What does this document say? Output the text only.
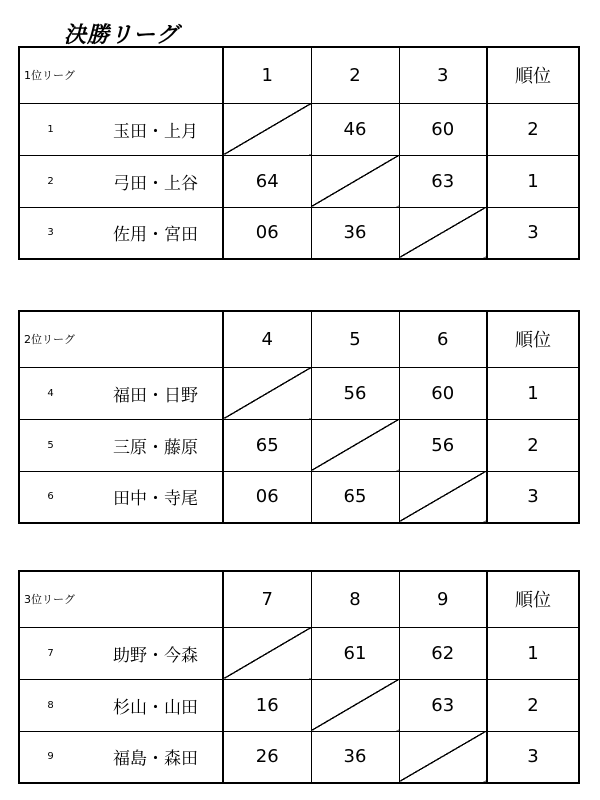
決勝リーグ
1位リーグ		1	2	3	順位
1	玉田・上月		46	60	2
2	弓田・上谷	64		63	1
3	佐用・宮田	06	36		3
2位リーグ		4	5	6	順位
4	福田・日野		56	60	1
5	三原・藤原	65		56	2
6	田中・寺尾	06	65		3
3位リーグ		7	8	9	順位
7	助野・今森		61	62	1
8	杉山・山田	16		63	2
9	福島・森田	26	36		3
